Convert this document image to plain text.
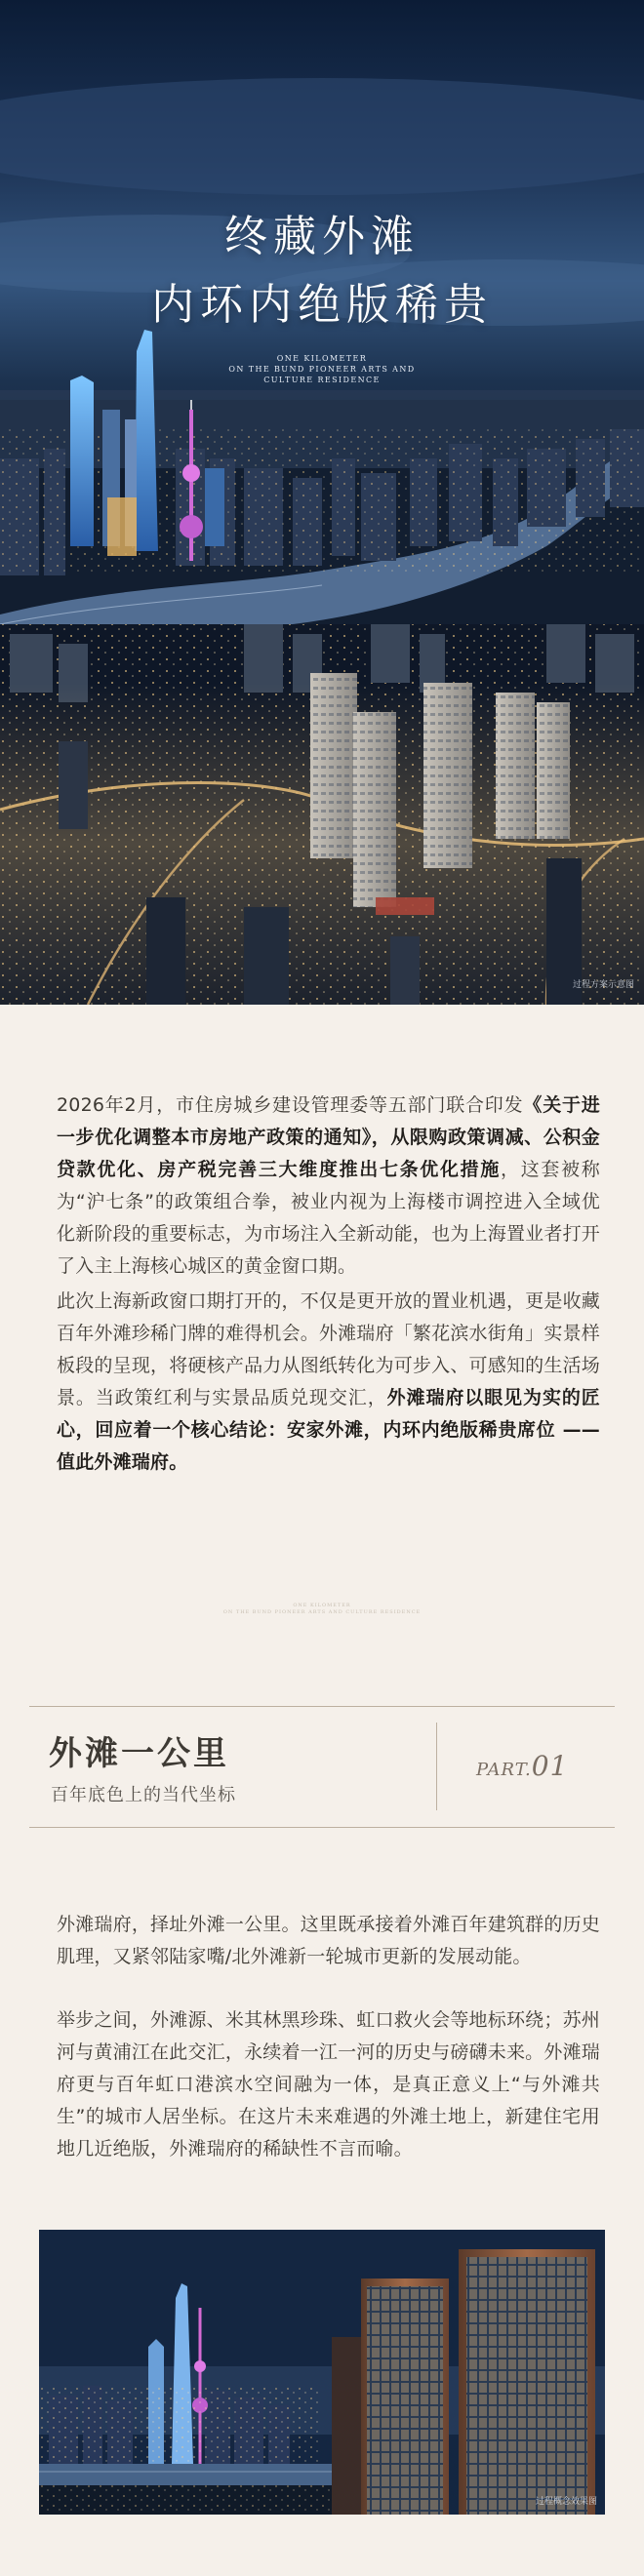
终藏外滩
内环内绝版稀贵
ONE KILOMETER
ON THE BUND PIONEER ARTS AND
CULTURE RESIDENCE
过程方案示意图

2026年2月，市住房城乡建设管理委等五部门联合印发《关于进一步优化调整本市房地产政策的通知》，从限购政策调减、公积金贷款优化、房产税完善三大维度推出七条优化措施，这套被称为“沪七条”的政策组合拳，被业内视为上海楼市调控进入全域优化新阶段的重要标志，为市场注入全新动能，也为上海置业者打开了入主上海核心城区的黄金窗口期。

此次上海新政窗口期打开的，不仅是更开放的置业机遇，更是收藏百年外滩珍稀门牌的难得机会。外滩瑞府「繁花滨水街角」实景样板段的呈现，将硬核产品力从图纸转化为可步入、可感知的生活场景。当政策红利与实景品质兑现交汇，外滩瑞府以眼见为实的匠心，回应着一个核心结论：安家外滩，内环内绝版稀贵席位 —— 值此外滩瑞府。

ONE KILOMETER
ON THE BUND PIONEER ARTS AND CULTURE RESIDENCE
外滩一公里
百年底色上的当代坐标
PART.01

外滩瑞府，择址外滩一公里。这里既承接着外滩百年建筑群的历史肌理，又紧邻陆家嘴/北外滩新一轮城市更新的发展动能。

举步之间，外滩源、米其林黑珍珠、虹口救火会等地标环绕；苏州河与黄浦江在此交汇，永续着一江一河的历史与磅礴未来。外滩瑞府更与百年虹口港滨水空间融为一体，是真正意义上“与外滩共生”的城市人居坐标。在这片未来难遇的外滩土地上，新建住宅用地几近绝版，外滩瑞府的稀缺性不言而喻。

过程概念效果图
